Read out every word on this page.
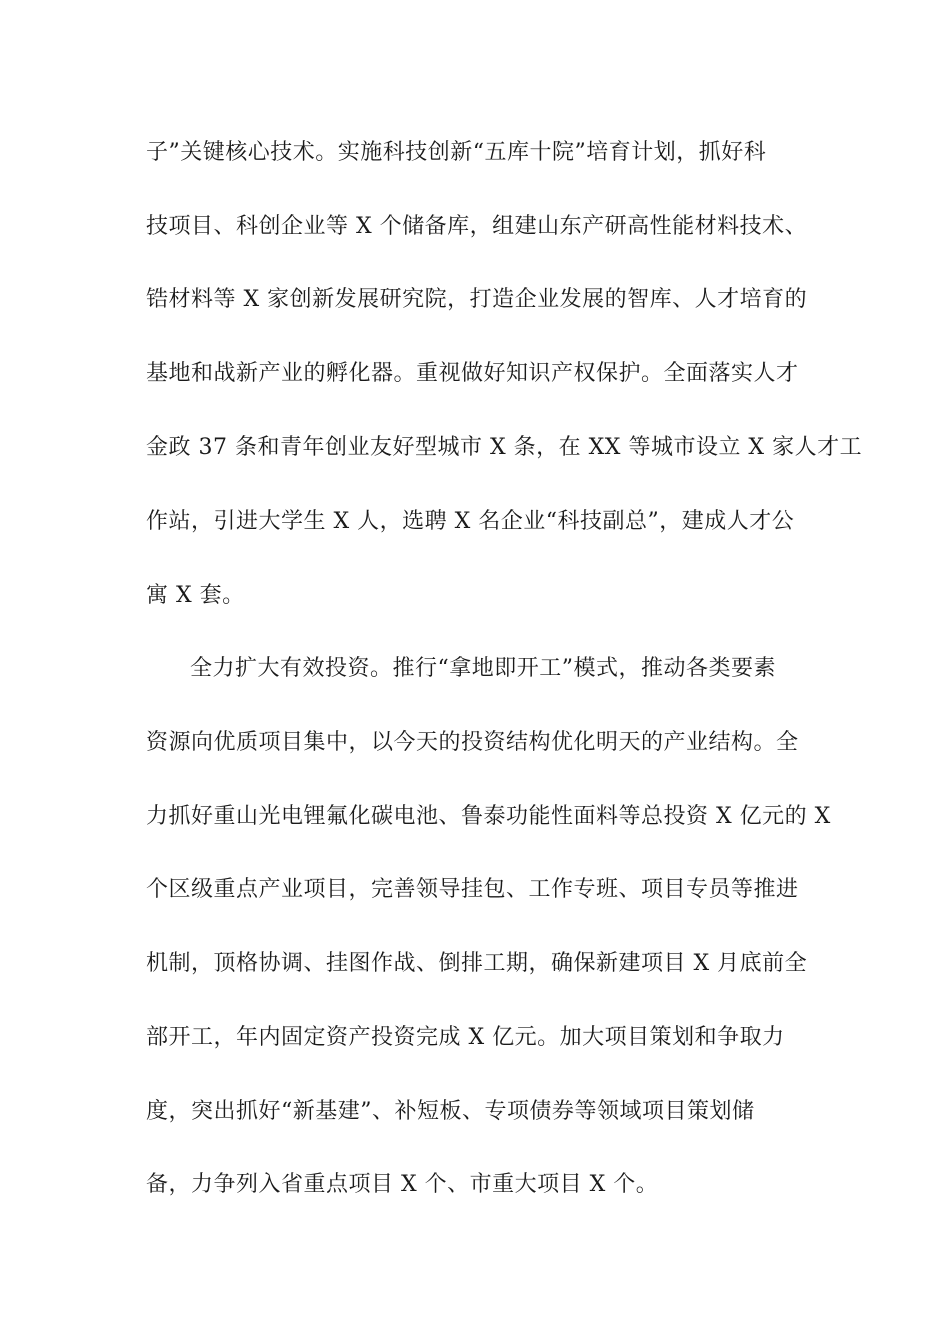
子”关键核心技术。实施科技创新“五库十院”培育计划，抓好科
技项目、科创企业等 X 个储备库，组建山东产研高性能材料技术、
锆材料等 X 家创新发展研究院，打造企业发展的智库、人才培育的
基地和战新产业的孵化器。重视做好知识产权保护。全面落实人才
金政 37 条和青年创业友好型城市 X 条，在 XX 等城市设立 X 家人才工
作站，引进大学生 X 人，选聘 X 名企业“科技副总”，建成人才公
寓 X 套。
全力扩大有效投资。推行“拿地即开工”模式，推动各类要素
资源向优质项目集中，以今天的投资结构优化明天的产业结构。全
力抓好重山光电锂氟化碳电池、鲁泰功能性面料等总投资 X 亿元的 X
个区级重点产业项目，完善领导挂包、工作专班、项目专员等推进
机制，顶格协调、挂图作战、倒排工期，确保新建项目 X 月底前全
部开工，年内固定资产投资完成 X 亿元。加大项目策划和争取力
度，突出抓好“新基建”、补短板、专项债券等领域项目策划储
备，力争列入省重点项目 X 个、市重大项目 X 个。
